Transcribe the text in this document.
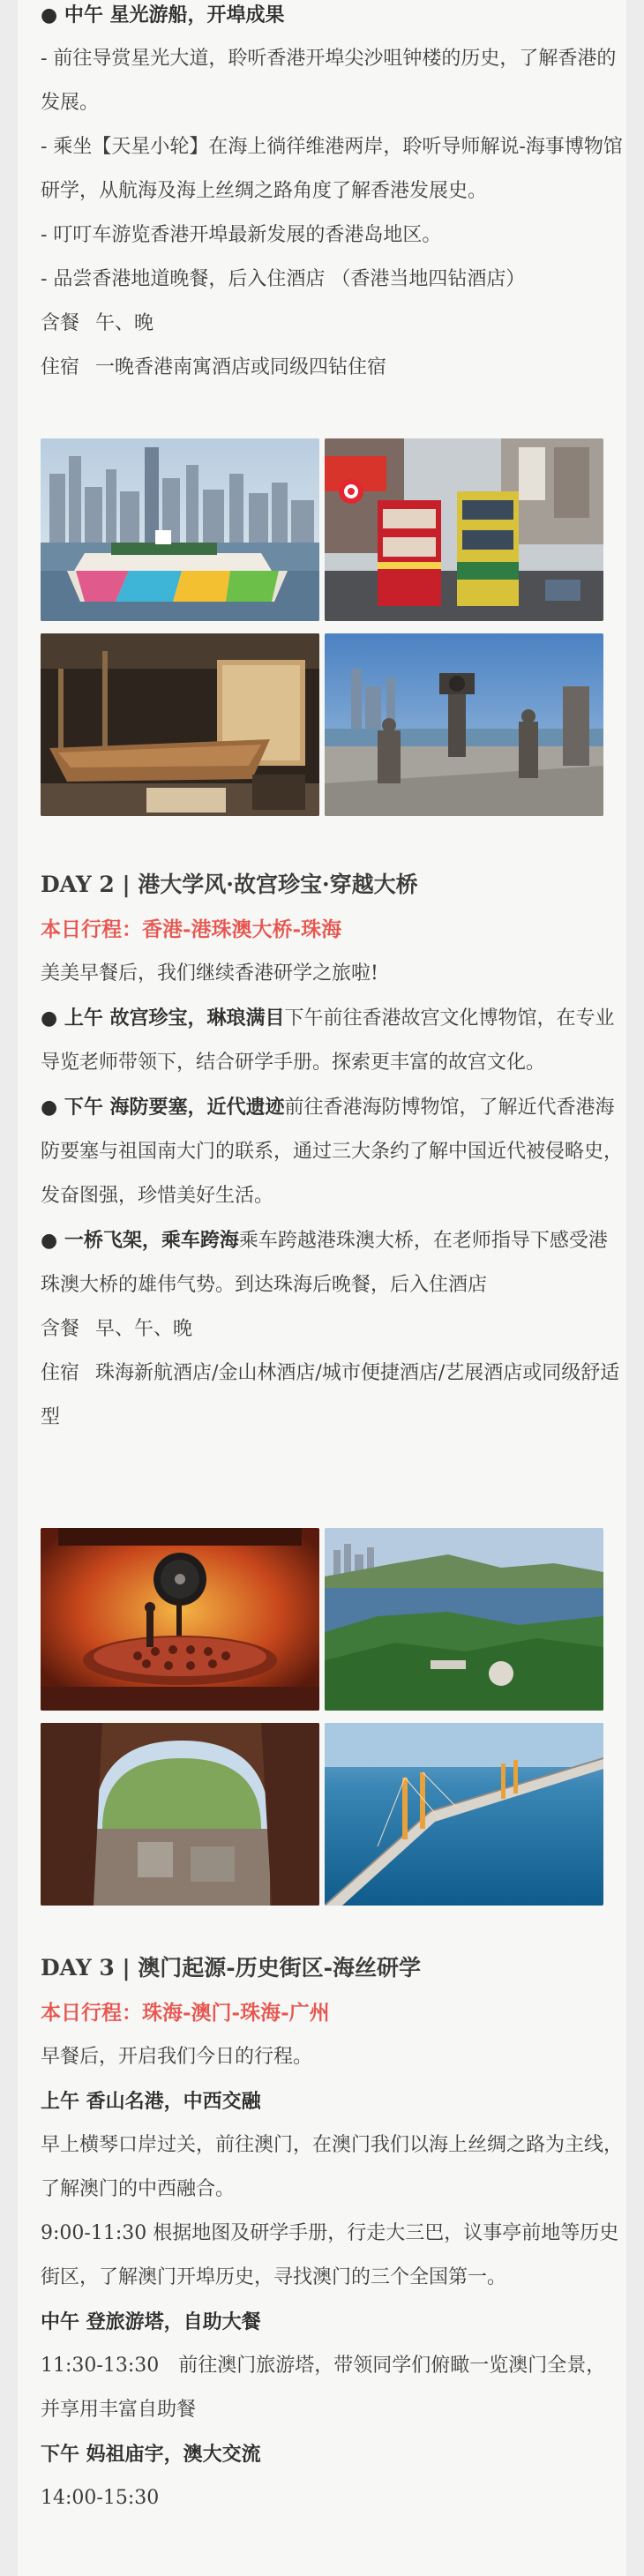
● 中午 星光游船，开埠成果

- 前往导赏星光大道，聆听香港开埠尖沙咀钟楼的历史，了解香港的发展。

- 乘坐【天星小轮】在海上徜徉维港两岸，聆听导师解说-海事博物馆研学，从航海及海上丝绸之路角度了解香港发展史。

- 叮叮车游览香港开埠最新发展的香港岛地区。

- 品尝香港地道晚餐，后入住酒店 （香港当地四钻酒店）

含餐 午、晚

住宿 一晚香港南寓酒店或同级四钻住宿

DAY 2 | 港大学风·故宫珍宝·穿越大桥

本日行程：香港-港珠澳大桥-珠海

美美早餐后，我们继续香港研学之旅啦!

● 上午 故宫珍宝，琳琅满目下午前往香港故宫文化博物馆，在专业导览老师带领下，结合研学手册。探索更丰富的故宫文化。

● 下午 海防要塞，近代遗迹前往香港海防博物馆，了解近代香港海防要塞与祖国南大门的联系，通过三大条约了解中国近代被侵略史，发奋图强，珍惜美好生活。

● 一桥飞架，乘车跨海乘车跨越港珠澳大桥，在老师指导下感受港珠澳大桥的雄伟气势。到达珠海后晚餐，后入住酒店

含餐 早、午、晚

住宿 珠海新航酒店/金山林酒店/城市便捷酒店/艺展酒店或同级舒适型

DAY 3 | 澳门起源-历史街区-海丝研学

本日行程：珠海-澳门-珠海-广州

早餐后，开启我们今日的行程。

上午 香山名港，中西交融

早上横琴口岸过关，前往澳门，在澳门我们以海上丝绸之路为主线，了解澳门的中西融合。

9:00-11:30 根据地图及研学手册，行走大三巴，议事亭前地等历史街区，了解澳门开埠历史，寻找澳门的三个全国第一。

中午 登旅游塔，自助大餐

11:30-13:30　前往澳门旅游塔，带领同学们俯瞰一览澳门全景，并享用丰富自助餐

下午 妈祖庙宇，澳大交流

14:00-15:30
